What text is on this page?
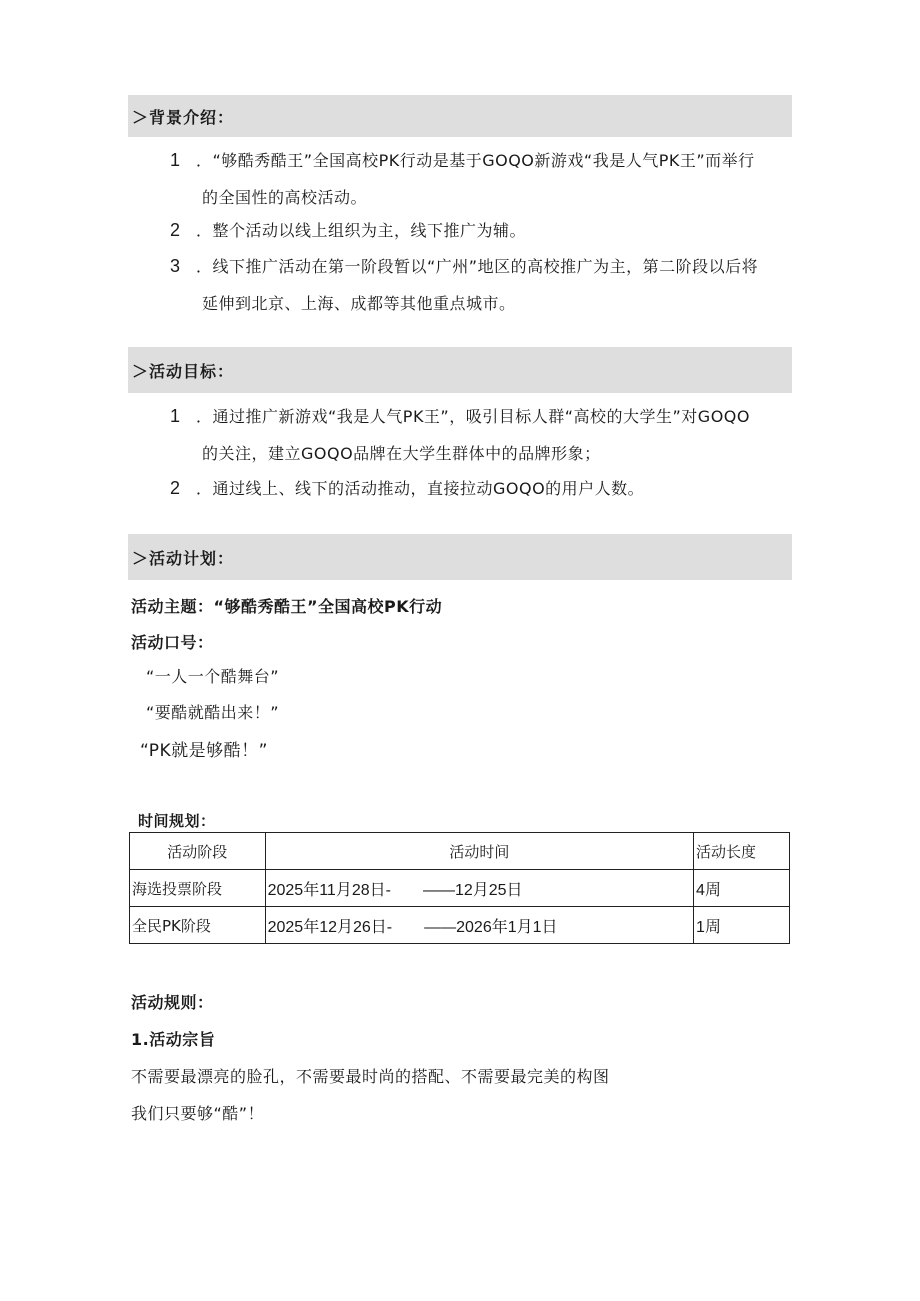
＞背景介绍：
1 ．“够酷秀酷王”全国高校PK行动是基于GOQO新游戏“我是人气PK王”而举行
的全国性的高校活动。
2 ．整个活动以线上组织为主，线下推广为辅。
3 ．线下推广活动在第一阶段暂以“广州”地区的高校推广为主，第二阶段以后将
延伸到北京、上海、成都等其他重点城市。
＞活动目标：
1 ．通过推广新游戏“我是人气PK王”，吸引目标人群“高校的大学生”对GOQO
的关注，建立GOQO品牌在大学生群体中的品牌形象；
2 ．通过线上、线下的活动推动，直接拉动GOQO的用户人数。
＞活动计划：
活动主题：“够酷秀酷王”全国高校PK行动
活动口号：
“一人一个酷舞台”
“要酷就酷出来！”
“PK就是够酷！”
时间规划：
活动阶段	活动时间	活动长度
海选投票阶段	2025年11月28日-　　——12月25日	4周
全民PK阶段	2025年12月26日-　　——2026年1月1日	1周
活动规则：
1.活动宗旨
不需要最漂亮的脸孔，不需要最时尚的搭配、不需要最完美的构图
我们只要够“酷”！
